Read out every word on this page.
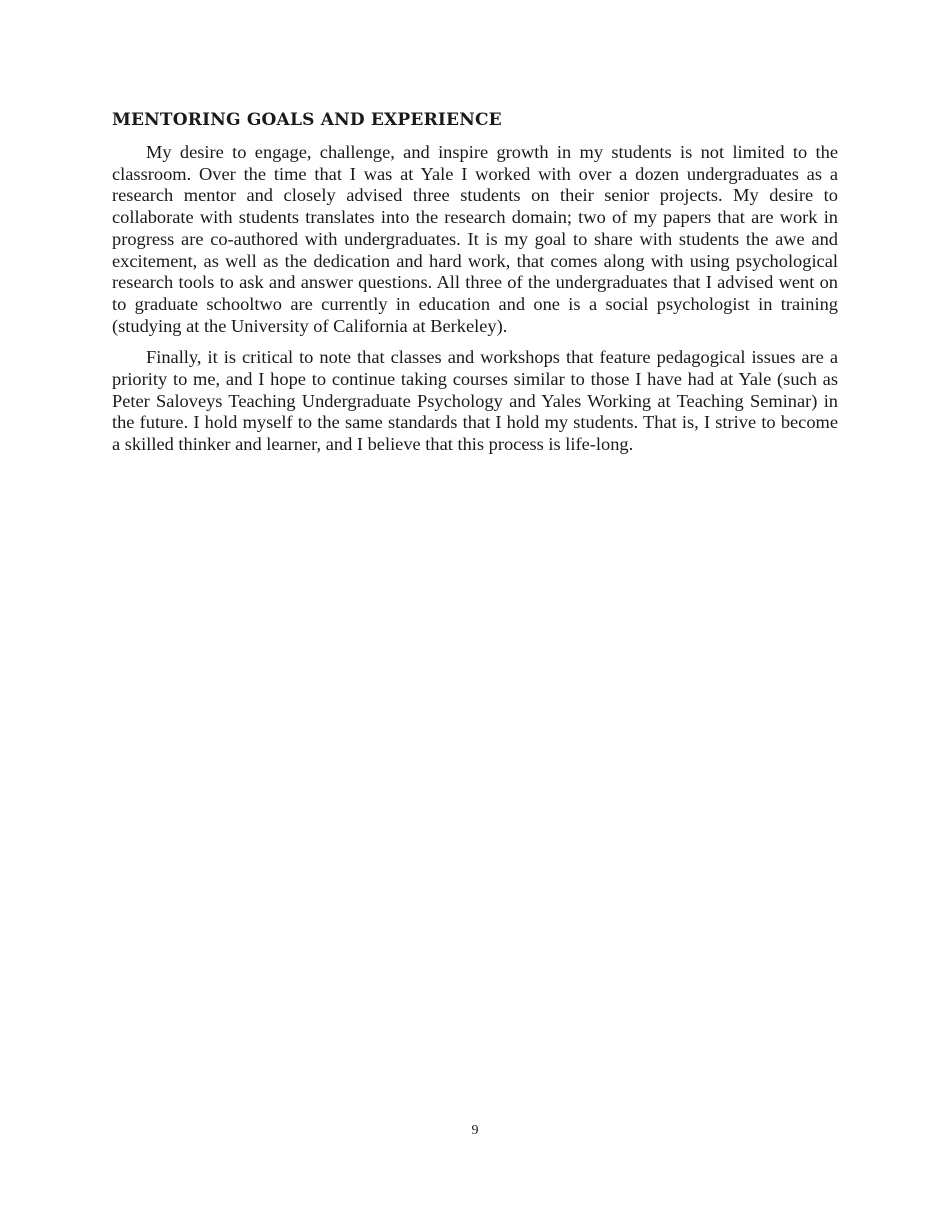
MENTORING GOALS AND EXPERIENCE

My desire to engage, challenge, and inspire growth in my students is not limited to the classroom. Over the time that I was at Yale I worked with over a dozen undergraduates as a research mentor and closely advised three students on their senior projects. My desire to collaborate with students translates into the research domain; two of my papers that are work in progress are co-authored with undergraduates. It is my goal to share with students the awe and excitement, as well as the dedication and hard work, that comes along with using psychological research tools to ask and answer questions. All three of the undergraduates that I advised went on to graduate schooltwo are currently in education and one is a social psychologist in training (studying at the University of California at Berkeley).

Finally, it is critical to note that classes and workshops that feature pedagogical issues are a priority to me, and I hope to continue taking courses similar to those I have had at Yale (such as Peter Saloveys Teaching Undergraduate Psychology and Yales Working at Teaching Seminar) in the future. I hold myself to the same standards that I hold my students. That is, I strive to become a skilled thinker and learner, and I believe that this process is life-long.

9
